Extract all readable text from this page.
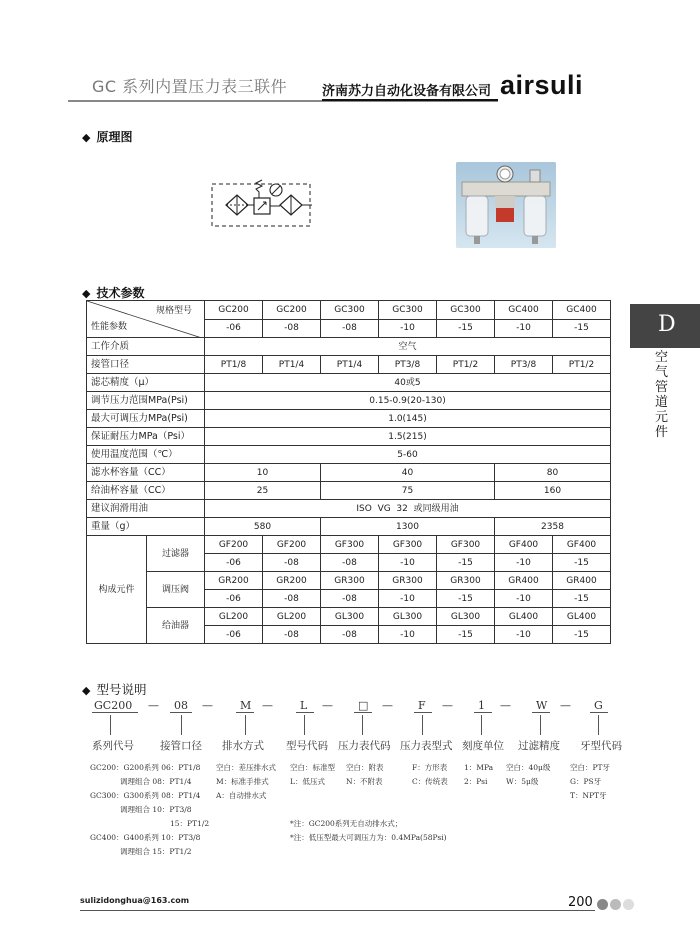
GC 系列内置压力表三联件	济南苏力自动化设备有限公司 airsuli
◆ 原理图
◆ 技术参数
D
空气管道元件
规格型号
性能参数		GC200	GC200	GC300	GC300	GC300	GC400	GC400
		-06	-08	-08	-10	-15	-10	-15
工作介质		空气						
接管口径		PT1/8	PT1/4	PT1/4	PT3/8	PT1/2	PT3/8	PT1/2
滤芯精度（μ）		40或5						
调节压力范围MPa(Psi)		0.15-0.9(20-130)						
最大可调压力MPa(Psi)		1.0(145)						
保证耐压力MPa（Psi）		1.5(215)						
使用温度范围（℃）		5-60						
滤水杯容量（CC）		10		40			80	
给油杯容量（CC）		25		75			160	
建议润滑用油		ISO  VG  32  或同级用油						
重量（g）		580		1300			2358	
构成元件	过滤器	GF200	GF200	GF300	GF300	GF300	GF400	GF400
		-06	-08	-08	-10	-15	-10	-15
	调压阀	GR200	GR200	GR300	GR300	GR300	GR400	GR400
		-06	-08	-08	-10	-15	-10	-15
	给油器	GL200	GL200	GL300	GL300	GL300	GL400	GL400
		-06	-08	-08	-10	-15	-10	-15
◆ 型号说明
GC200 — 08 — M — L — □ — F — 1 — W — G
系列代号 接管口径 排水方式 型号代码 压力表代码 压力表型式 刻度单位 过滤精度 牙型代码
GC200：G200系列 06：PT1/8
调理组合 08：PT1/4
GC300：G300系列 08：PT1/4
调理组合 10：PT3/8
15：PT1/2
GC400：G400系列 10：PT3/8
调理组合 15：PT1/2
空白：差压排水式
M：标准手排式
A：自动排水式
空白：标准型
L：低压式
空白：附表
N：不附表
F：方形表
C：传统表
1：MPa
2：Psi
空白：40μ级
W：5μ级
空白：PT牙
G：PS牙
T：NPT牙
*注：GC200系列无自动排水式；
*注：低压型最大可调压力为：0.4MPa(58Psi)
sulizidonghua@163.com	200
